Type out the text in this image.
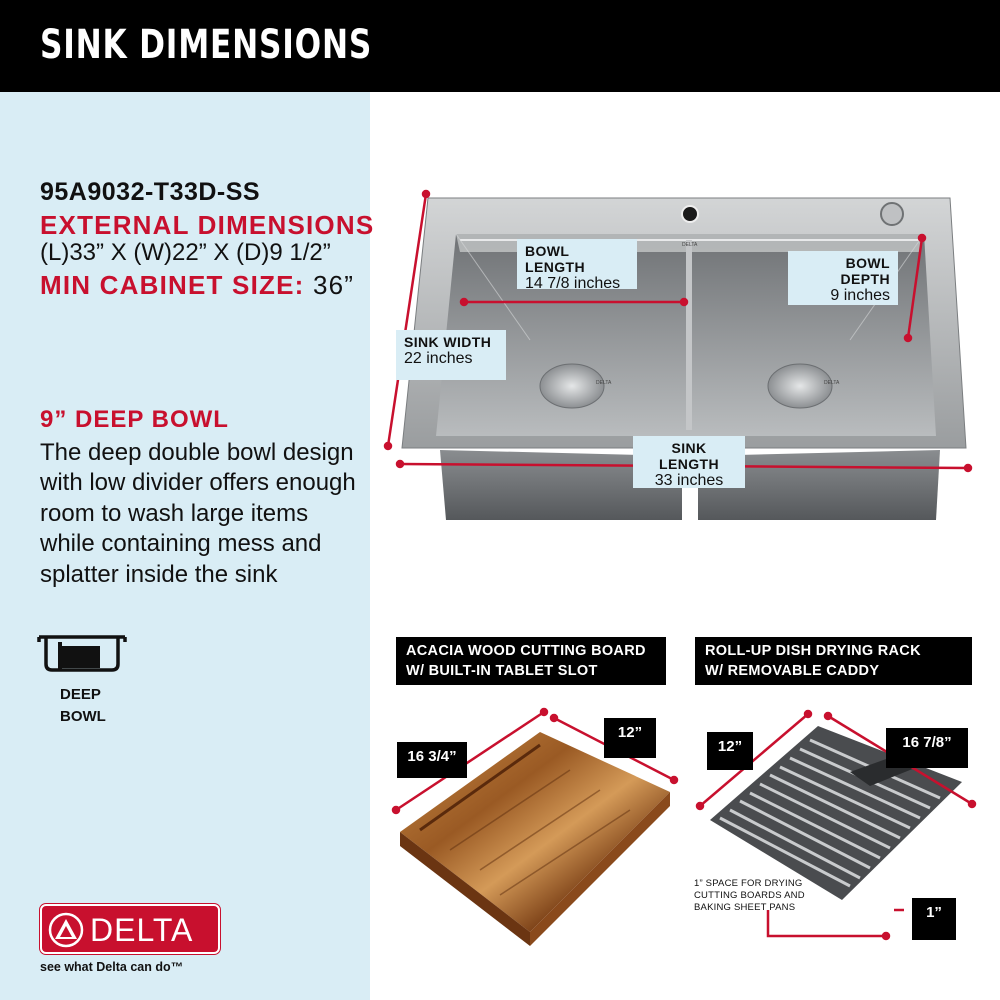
SINK DIMENSIONS
95A9032-T33D-SS
EXTERNAL DIMENSIONS
(L)33” X (W)22” X (D)9 1/2”
MIN CABINET SIZE: 36”
9” DEEP BOWL
The deep double bowl design with low divider offers enough room to wash large items while containing mess and splatter inside the sink
DEEP
BOWL
DELTA
see what Delta can do™
DELTA	DELTA
DELTA
BOWL LENGTH
14 7/8 inches
BOWL DEPTH
9 inches
SINK WIDTH
22 inches
SINK LENGTH
33 inches
ACACIA WOOD CUTTING BOARD
W/ BUILT-IN TABLET SLOT
ROLL-UP DISH DRYING RACK
W/ REMOVABLE CADDY
16 3/4”
12”
12”	16 7/8”
1”
1” SPACE FOR DRYING CUTTING BOARDS AND BAKING SHEET PANS
